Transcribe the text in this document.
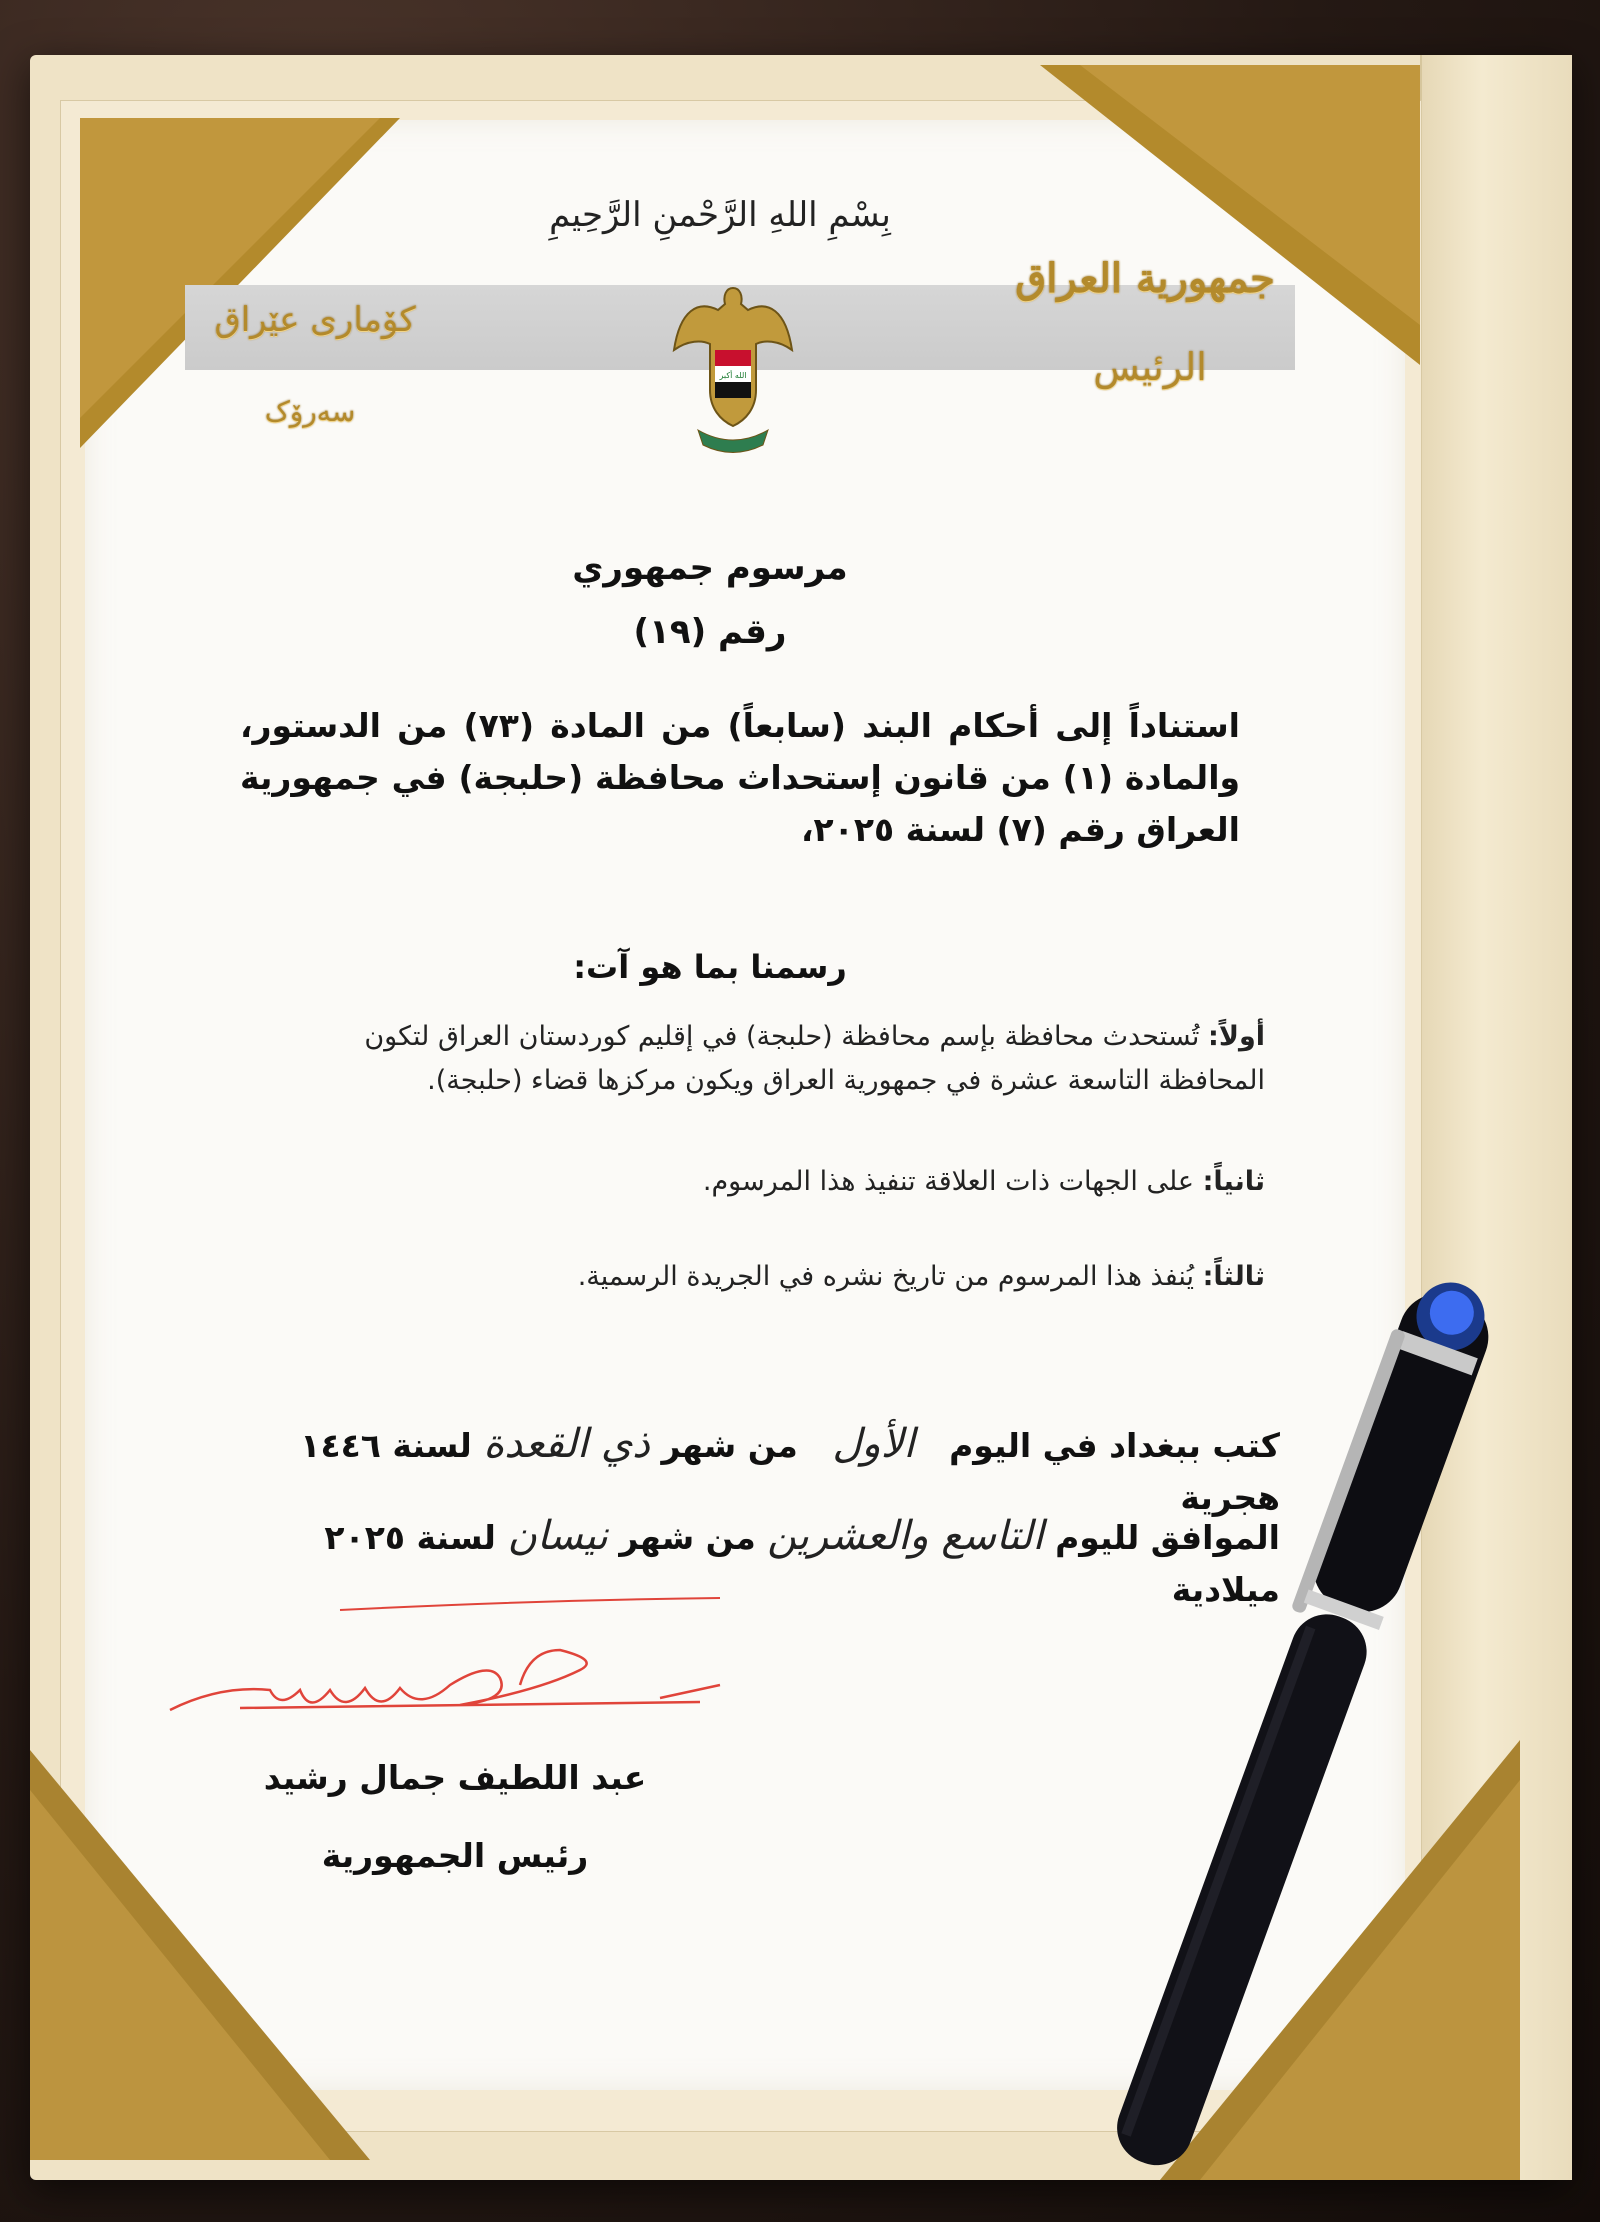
بِسْمِ اللهِ الرَّحْمنِ الرَّحِيمِ
جمهورية العراق
الرئيس
کۆماری عێراق
سەرۆک
الله أكبر
مرسوم جمهوري
رقم (١٩)
استناداً إلى أحكام البند (سابعاً) من المادة (٧٣) من الدستور، والمادة (١) من قانون إستحداث محافظة (حلبجة) في جمهورية العراق رقم (٧) لسنة ٢٠٢٥،
رسمنا بما هو آت:
أولاً: تُستحدث محافظة بإسم محافظة (حلبجة) في إقليم كوردستان العراق لتكون المحافظة التاسعة عشرة في جمهورية العراق ويكون مركزها قضاء (حلبجة).
ثانياً: على الجهات ذات العلاقة تنفيذ هذا المرسوم.
ثالثاً: يُنفذ هذا المرسوم من تاريخ نشره في الجريدة الرسمية.
كتب ببغداد في اليوم   الأول   من شهر ذي القعدة لسنة ١٤٤٦ هجرية
الموافق لليوم التاسع والعشرين من شهر نيسان لسنة ٢٠٢٥ ميلادية
عبد اللطيف جمال رشيد
رئيس الجمهورية
